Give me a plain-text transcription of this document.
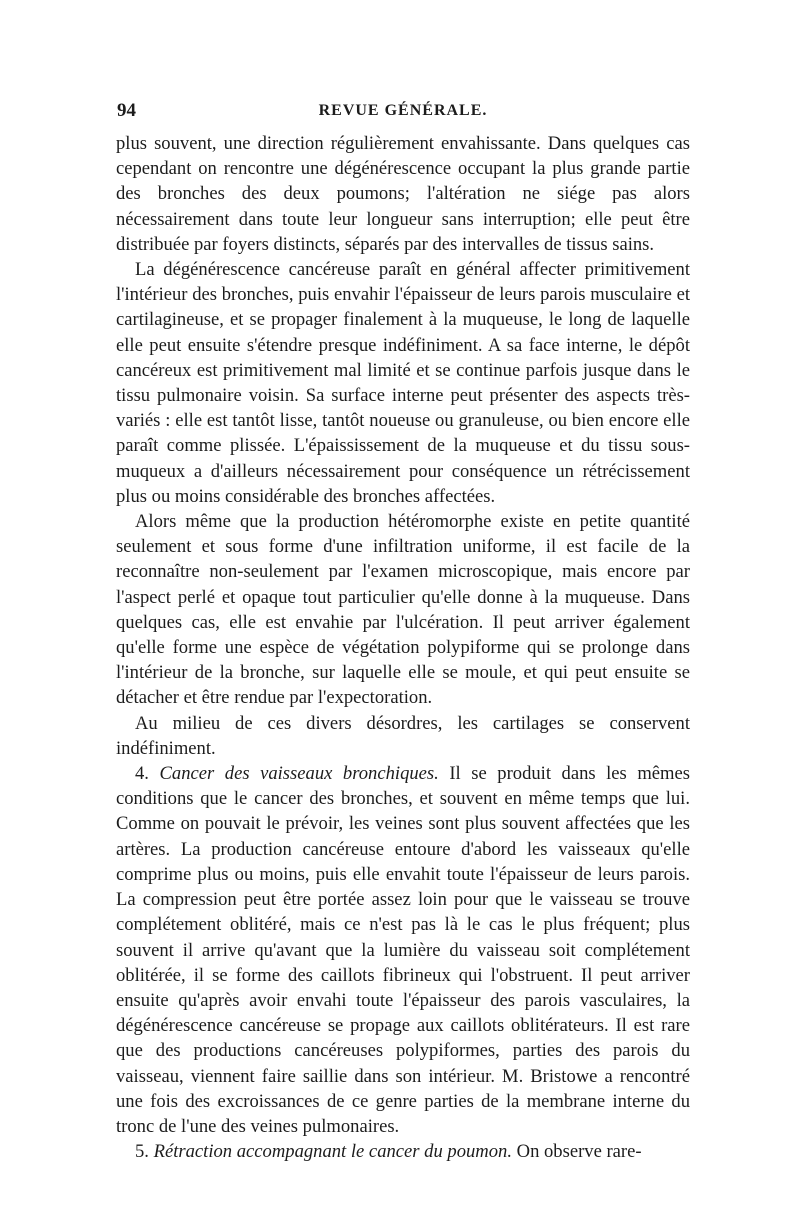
94	REVUE GÉNÉRALE.

plus souvent, une direction régulièrement envahissante. Dans quelques cas cependant on rencontre une dégénérescence occupant la plus grande partie des bronches des deux poumons; l'altération ne siége pas alors nécessairement dans toute leur longueur sans interruption; elle peut être distribuée par foyers distincts, séparés par des intervalles de tissus sains.

La dégénérescence cancéreuse paraît en général affecter primitivement l'intérieur des bronches, puis envahir l'épaisseur de leurs parois musculaire et cartilagineuse, et se propager finalement à la muqueuse, le long de laquelle elle peut ensuite s'étendre presque indéfiniment. A sa face interne, le dépôt cancéreux est primitivement mal limité et se continue parfois jusque dans le tissu pulmonaire voisin. Sa surface interne peut présenter des aspects très-variés : elle est tantôt lisse, tantôt noueuse ou granuleuse, ou bien encore elle paraît comme plissée. L'épaississement de la muqueuse et du tissu sous-muqueux a d'ailleurs nécessairement pour conséquence un rétrécissement plus ou moins considérable des bronches affectées.

Alors même que la production hétéromorphe existe en petite quantité seulement et sous forme d'une infiltration uniforme, il est facile de la reconnaître non-seulement par l'examen microscopique, mais encore par l'aspect perlé et opaque tout particulier qu'elle donne à la muqueuse. Dans quelques cas, elle est envahie par l'ulcération. Il peut arriver également qu'elle forme une espèce de végétation polypiforme qui se prolonge dans l'intérieur de la bronche, sur laquelle elle se moule, et qui peut ensuite se détacher et être rendue par l'expectoration.

Au milieu de ces divers désordres, les cartilages se conservent indéfiniment.

4. Cancer des vaisseaux bronchiques. Il se produit dans les mêmes conditions que le cancer des bronches, et souvent en même temps que lui. Comme on pouvait le prévoir, les veines sont plus souvent affectées que les artères. La production cancéreuse entoure d'abord les vaisseaux qu'elle comprime plus ou moins, puis elle envahit toute l'épaisseur de leurs parois. La compression peut être portée assez loin pour que le vaisseau se trouve complétement oblitéré, mais ce n'est pas là le cas le plus fréquent; plus souvent il arrive qu'avant que la lumière du vaisseau soit complétement oblitérée, il se forme des caillots fibrineux qui l'obstruent. Il peut arriver ensuite qu'après avoir envahi toute l'épaisseur des parois vasculaires, la dégénérescence cancéreuse se propage aux caillots oblitérateurs. Il est rare que des productions cancéreuses polypiformes, parties des parois du vaisseau, viennent faire saillie dans son intérieur. M. Bristowe a rencontré une fois des excroissances de ce genre parties de la membrane interne du tronc de l'une des veines pulmonaires.

5. Rétraction accompagnant le cancer du poumon. On observe rare-
